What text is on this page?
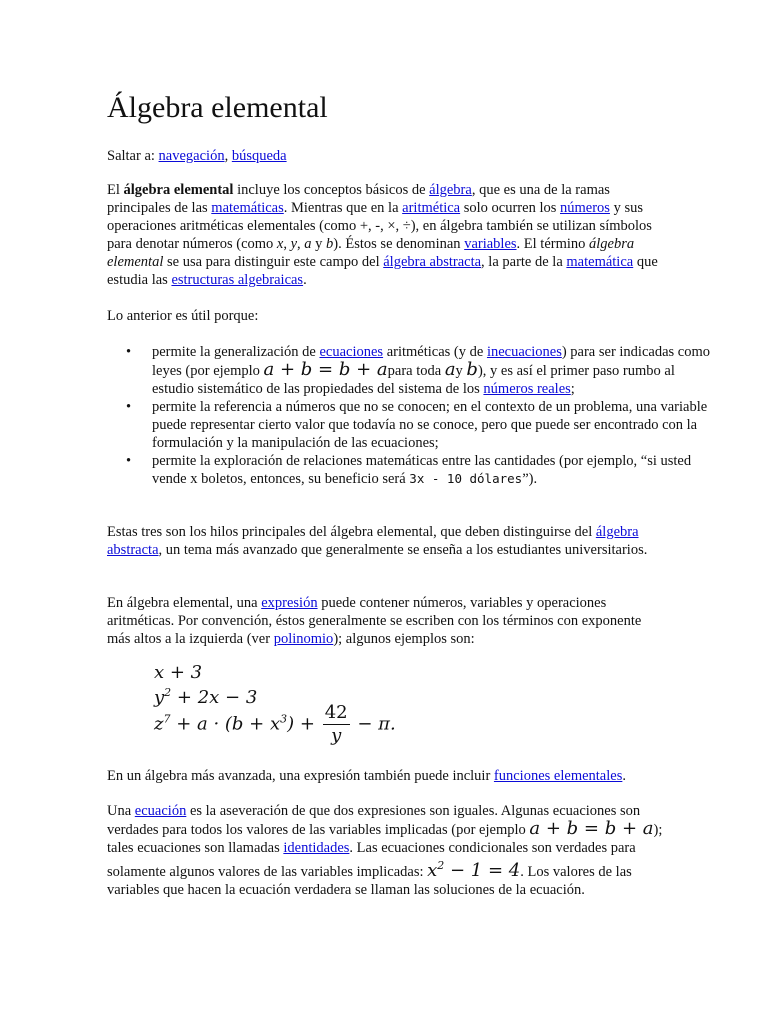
Álgebra elemental

Saltar a: navegación, búsqueda

El álgebra elemental incluye los conceptos básicos de álgebra, que es una de la ramas principales de las matemáticas. Mientras que en la aritmética solo ocurren los números y sus operaciones aritméticas elementales (como +, -, ×, ÷), en álgebra también se utilizan símbolos para denotar números (como x, y, a y b). Éstos se denominan variables. El término álgebra elemental se usa para distinguir este campo del álgebra abstracta, la parte de la matemática que estudia las estructuras algebraicas.

Lo anterior es útil porque:

• permite la generalización de ecuaciones aritméticas (y de inecuaciones) para ser indicadas como leyes (por ejemplo a + b = b + apara toda ay b), y es así el primer paso rumbo al estudio sistemático de las propiedades del sistema de los números reales;
• permite la referencia a números que no se conocen; en el contexto de un problema, una variable puede representar cierto valor que todavía no se conoce, pero que puede ser encontrado con la formulación y la manipulación de las ecuaciones;
• permite la exploración de relaciones matemáticas entre las cantidades (por ejemplo, “si usted vende x boletos, entonces, su beneficio será 3x - 10 dólares”).

Estas tres son los hilos principales del álgebra elemental, que deben distinguirse del álgebra abstracta, un tema más avanzado que generalmente se enseña a los estudiantes universitarios.

En álgebra elemental, una expresión puede contener números, variables y operaciones aritméticas. Por convención, éstos generalmente se escriben con los términos con exponente más altos a la izquierda (ver polinomio); algunos ejemplos son:

x + 3
$y^2 + 2x - 3$
$z^7 + a \cdot (b + x^3) + \frac{42}{y} - \pi$.

En un álgebra más avanzada, una expresión también puede incluir funciones elementales.

Una ecuación es la aseveración de que dos expresiones son iguales. Algunas ecuaciones son verdades para todos los valores de las variables implicadas (por ejemplo a + b = b + a); tales ecuaciones son llamadas identidades. Las ecuaciones condicionales son verdades para solamente algunos valores de las variables implicadas: $x^2 - 1 = 4$. Los valores de las variables que hacen la ecuación verdadera se llaman las soluciones de la ecuación.
